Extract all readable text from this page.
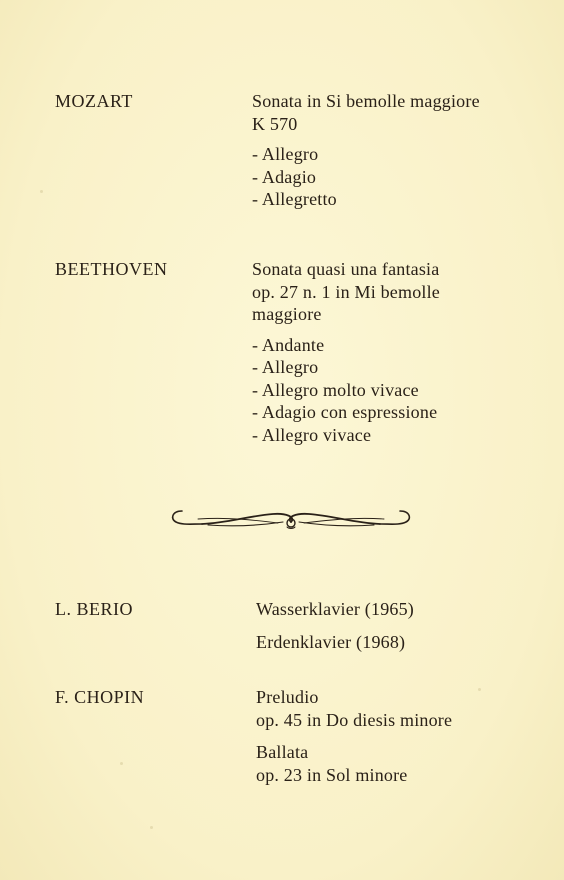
MOZART	Sonata in Si bemolle maggiore
K 570
- Allegro
- Adagio
- Allegretto
BEETHOVEN	Sonata quasi una fantasia
op. 27 n. 1 in Mi bemolle
maggiore
- Andante
- Allegro
- Allegro molto vivace
- Adagio con espressione
- Allegro vivace
L. BERIO	Wasserklavier (1965)
Erdenklavier (1968)
F. CHOPIN	Preludio
op. 45 in Do diesis minore
Ballata
op. 23 in Sol minore
